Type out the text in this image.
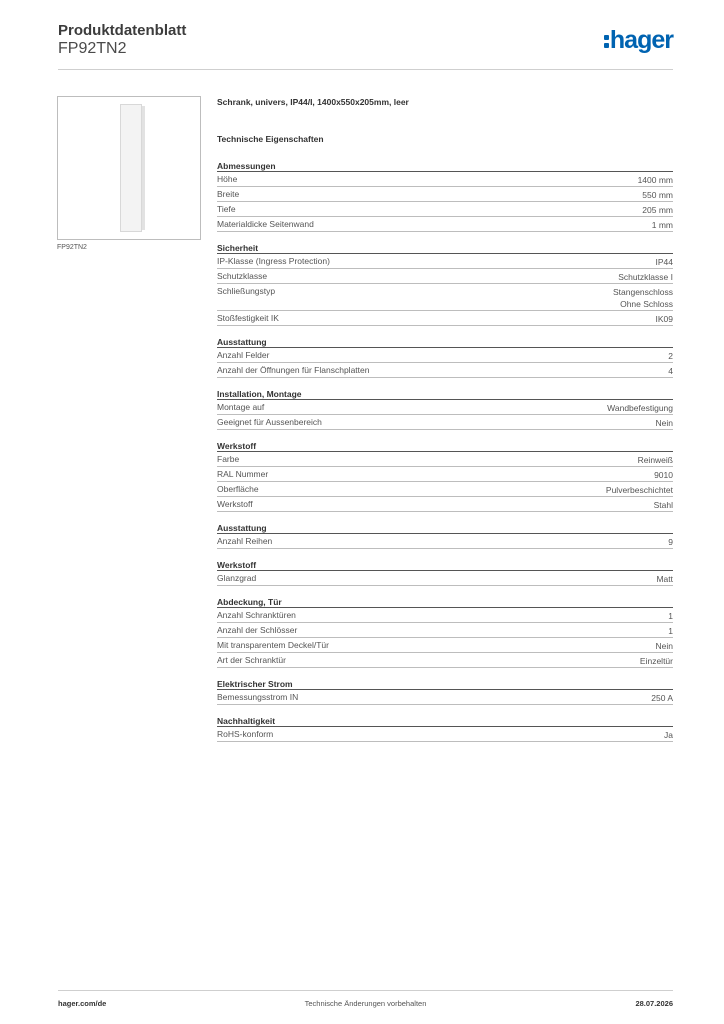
Produktdatenblatt
FP92TN2	hager
FP92TN2
Schrank, univers, IP44/I, 1400x550x205mm, leer
Technische Eigenschaften
Abmessungen
Höhe	1400 mm
Breite	550 mm
Tiefe	205 mm
Materialdicke Seitenwand	1 mm
Sicherheit
IP-Klasse (Ingress Protection)	IP44
Schutzklasse	Schutzklasse I
Schließungstyp	Stangenschloss
Ohne Schloss
Stoßfestigkeit IK	IK09
Ausstattung
Anzahl Felder	2
Anzahl der Öffnungen für Flanschplatten	4
Installation, Montage
Montage auf	Wandbefestigung
Geeignet für Aussenbereich	Nein
Werkstoff
Farbe	Reinweiß
RAL Nummer	9010
Oberfläche	Pulverbeschichtet
Werkstoff	Stahl
Ausstattung
Anzahl Reihen	9
Werkstoff
Glanzgrad	Matt
Abdeckung, Tür
Anzahl Schranktüren	1
Anzahl der Schlösser	1
Mit transparentem Deckel/Tür	Nein
Art der Schranktür	Einzeltür
Elektrischer Strom
Bemessungsstrom IN	250 A
Nachhaltigkeit
RoHS-konform	Ja
hager.com/de	Technische Änderungen vorbehalten	28.07.2026
